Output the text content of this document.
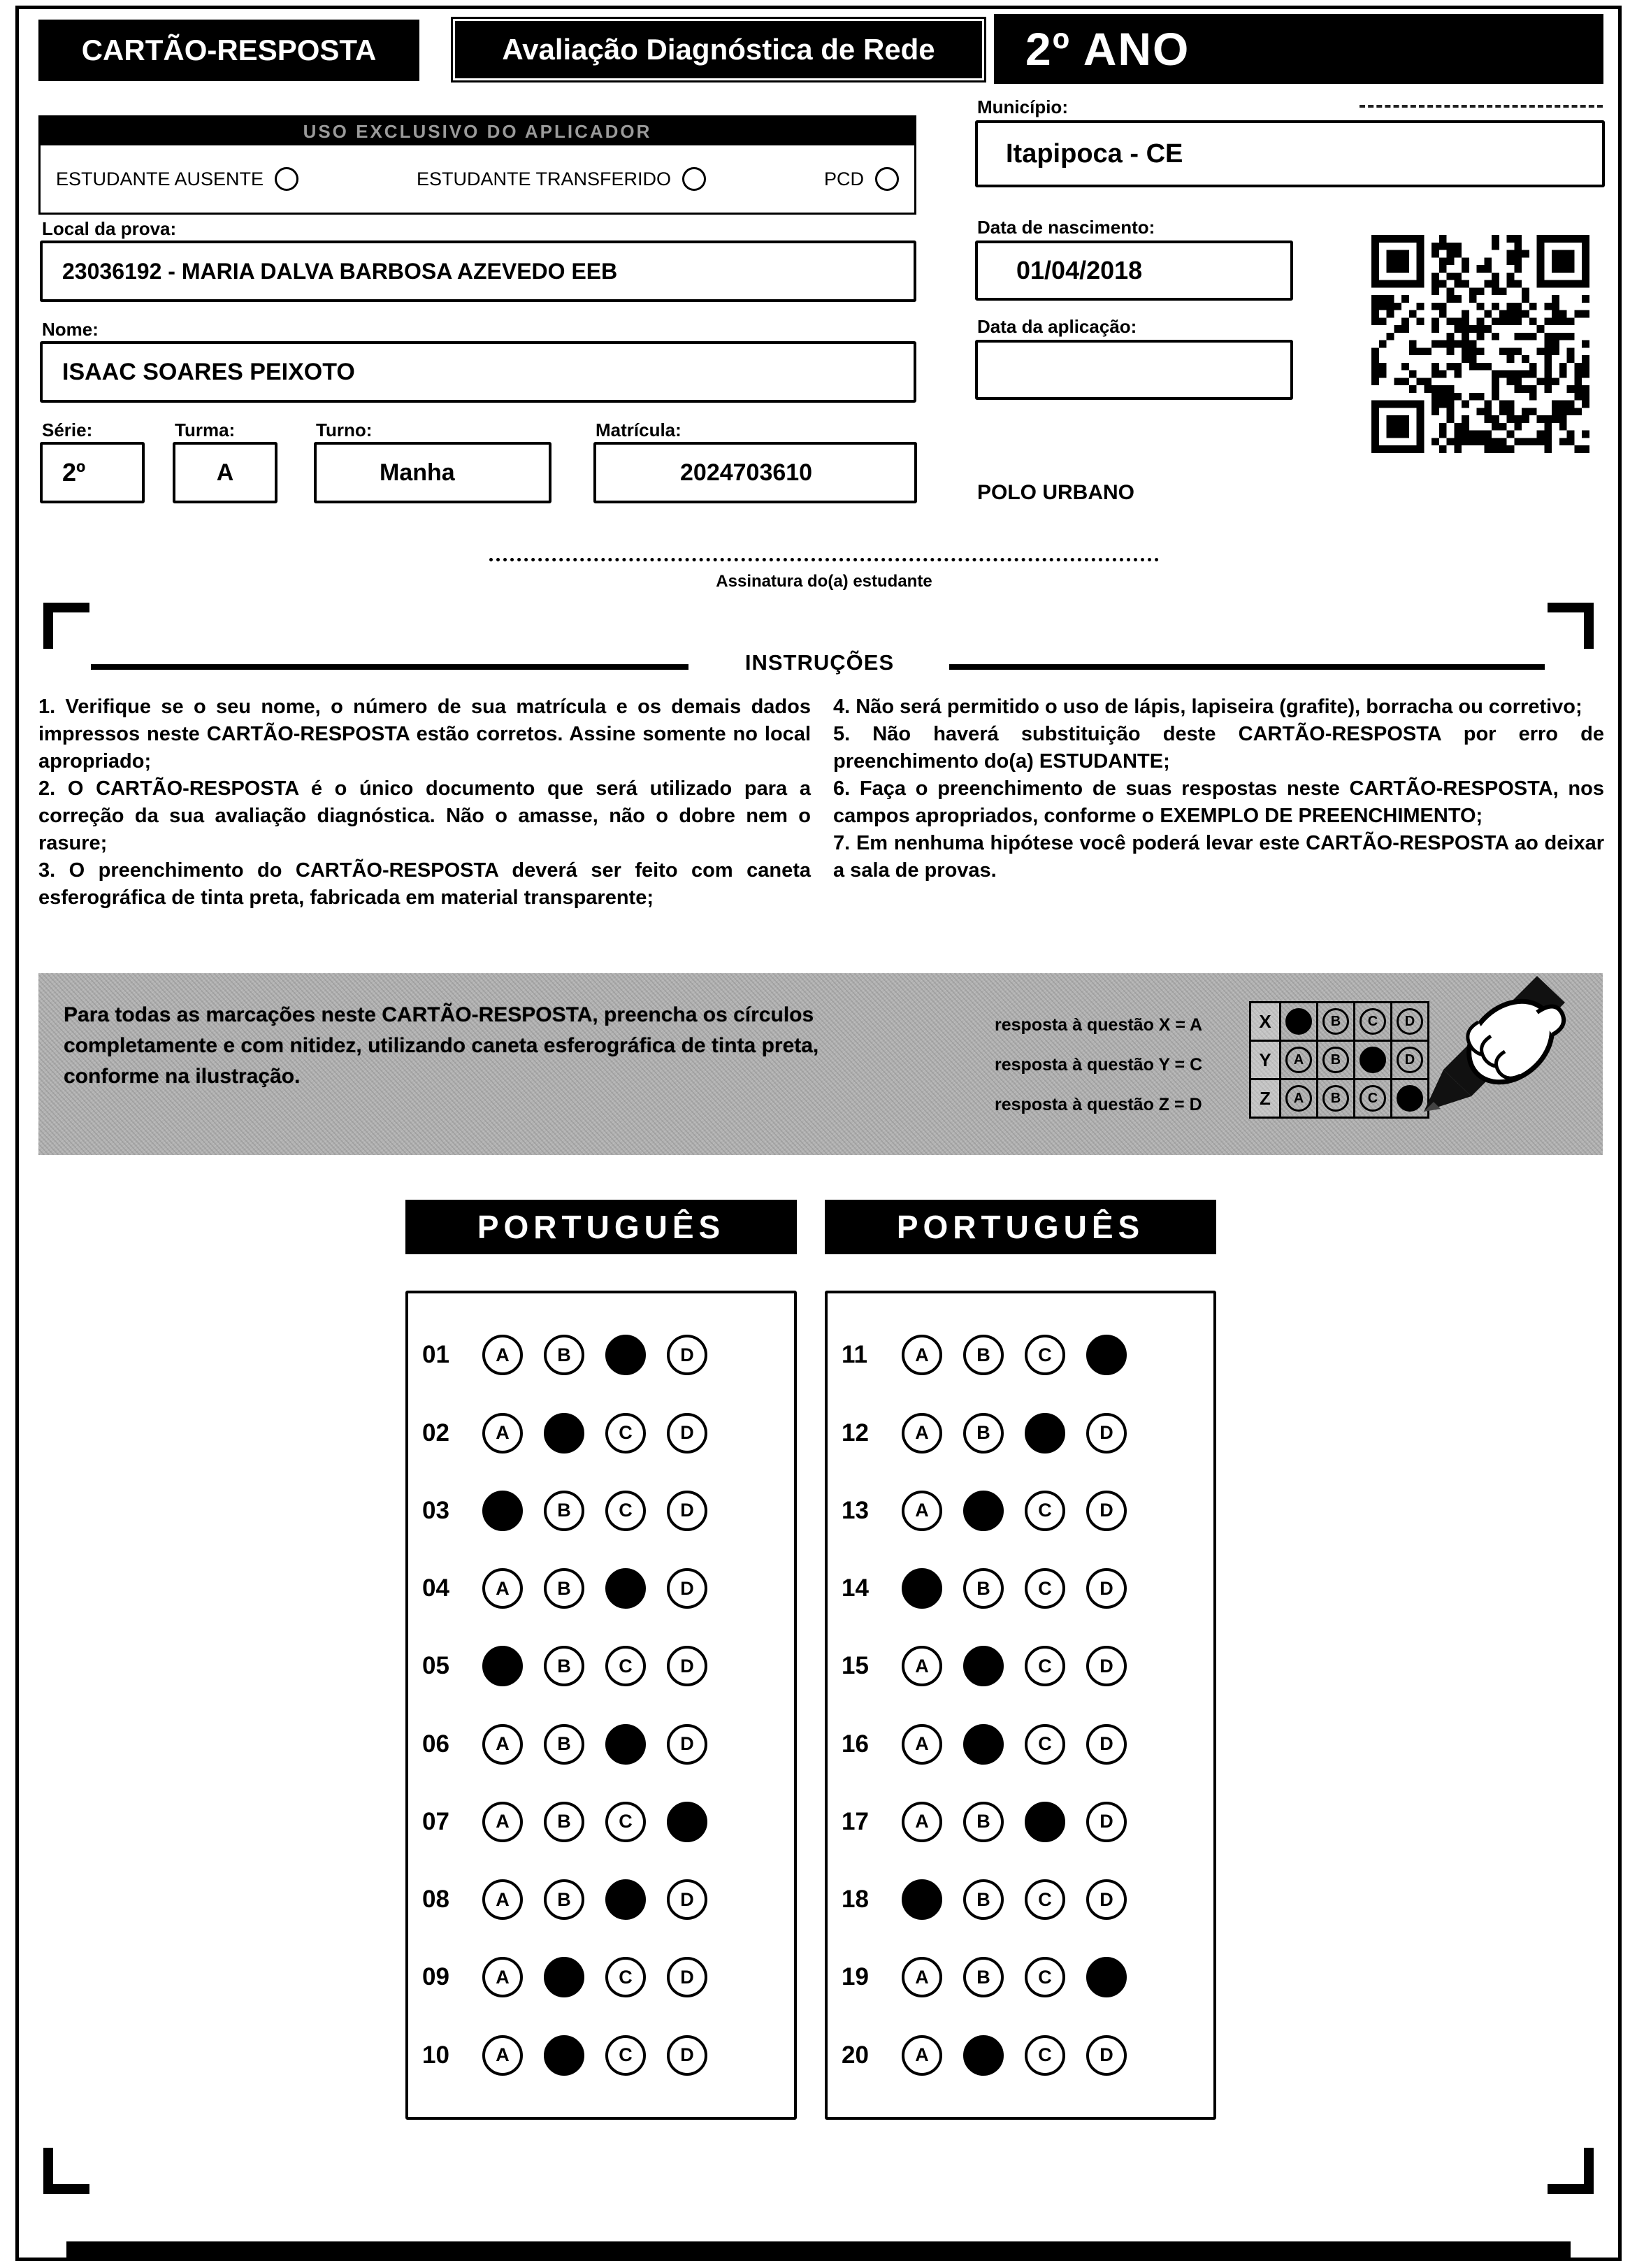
CARTÃO-RESPOSTA	Avaliação Diagnóstica de Rede	2º ANO
USO EXCLUSIVO DO APLICADOR
ESTUDANTE AUSENTE	ESTUDANTE TRANSFERIDO	PCD
Local da prova:
23036192 - MARIA DALVA BARBOSA AZEVEDO EEB
Nome:
ISAAC SOARES PEIXOTO
Série:
2º
Turma:
A
Turno:
Manha
Matrícula:
2024703610
Município:
Itapipoca - CE
Data de nascimento:
01/04/2018
Data da aplicação:
POLO URBANO
Assinatura do(a) estudante
INSTRUÇÕES

1. Verifique se o seu nome, o número de sua matrícula e os demais dados impressos neste CARTÃO-RESPOSTA estão corretos. Assine somente no local apropriado;

2. O CARTÃO-RESPOSTA é o único documento que será utilizado para a correção da sua avaliação diagnóstica. Não o amasse, não o dobre nem o rasure;

3. O preenchimento do CARTÃO-RESPOSTA deverá ser feito com caneta esferográfica de tinta preta, fabricada em material transparente;

4. Não será permitido o uso de lápis, lapiseira (grafite), borracha ou corretivo;

5. Não haverá substituição deste CARTÃO-RESPOSTA por erro de preenchimento do(a) ESTUDANTE;

6. Faça o preenchimento de suas respostas neste CARTÃO-RESPOSTA, nos campos apropriados, conforme o EXEMPLO DE PREENCHIMENTO;

7. Em nenhuma hipótese você poderá levar este CARTÃO-RESPOSTA ao deixar a sala de provas.

Para todas as marcações neste CARTÃO-RESPOSTA, preencha os círculos completamente e com nitidez, utilizando caneta esferográfica de tinta preta, conforme na ilustração.
resposta à questão X = A
resposta à questão Y = C
resposta à questão Z = D
X	B	C	D
Y	A	B	D
Z	A	B	C
PORTUGUÊS
01	A	B	D
02	A	C	D
03	B	C	D
04	A	B	D
05	B	C	D
06	A	B	D
07	A	B	C
08	A	B	D
09	A	C	D
10	A	C	D
PORTUGUÊS
11	A	B	C
12	A	B	D
13	A	C	D
14	B	C	D
15	A	C	D
16	A	C	D
17	A	B	D
18	B	C	D
19	A	B	C
20	A	C	D
